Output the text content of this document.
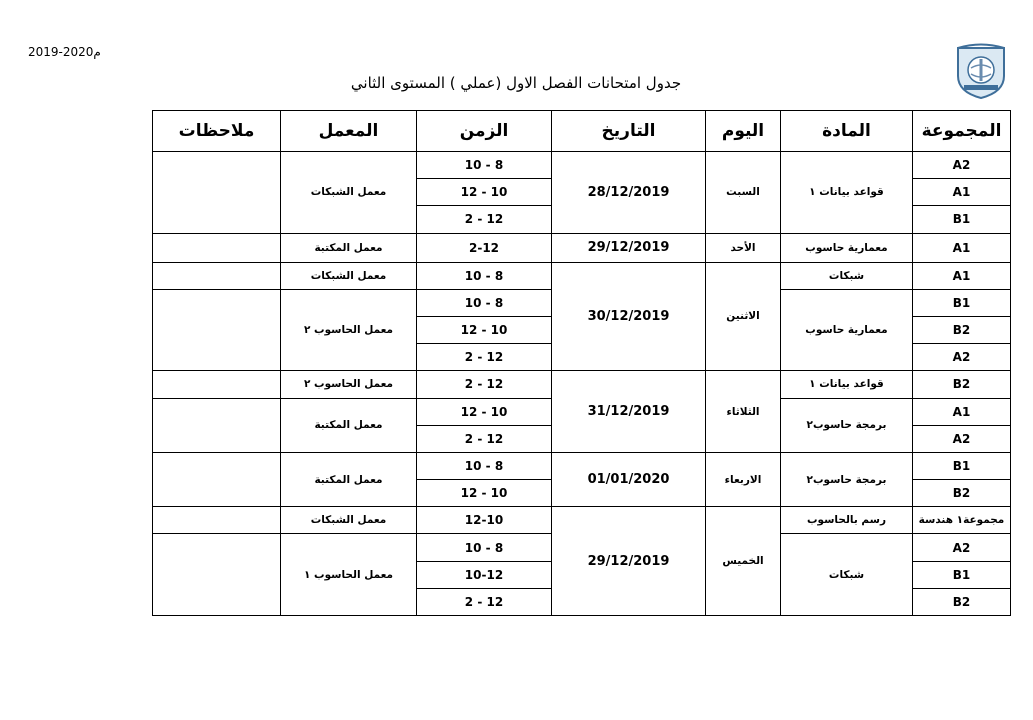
2019-2020م
جدول امتحانات الفصل الاول (عملي ) المستوى الثاني
المجموعة	المادة	اليوم	التاريخ	الزمن	المعمل	ملاحظات
A2	قواعد بيانات ١	السبت	28/12/2019	10 - 8	معمل الشبكات	
A1				12 - 10		
B1				2 - 12		
A1	معمارية حاسوب	الأحد	29/12/2019	2-12	معمل المكتبة	
A1	شبكات	الاثنين	30/12/2019	10 - 8	معمل الشبكات	
B1	معمارية حاسوب			10 - 8	معمل الحاسوب ٢	
B2				12 - 10		
A2				2 - 12		
B2	قواعد بيانات ١	الثلاثاء	31/12/2019	2 - 12	معمل الحاسوب ٢	
A1	برمجة حاسوب٢			12 - 10	معمل المكتبة	
A2				2 - 12		
B1	برمجة حاسوب٢	الاربعاء	01/01/2020	10 - 8	معمل المكتبة	
B2				12 - 10		
مجموعة١ هندسة	رسم بالحاسوب	الخميس	29/12/2019	12-10	معمل الشبكات	
A2	شبكات			10 - 8	معمل الحاسوب ١	
B1				10-12		
B2				2 - 12		
